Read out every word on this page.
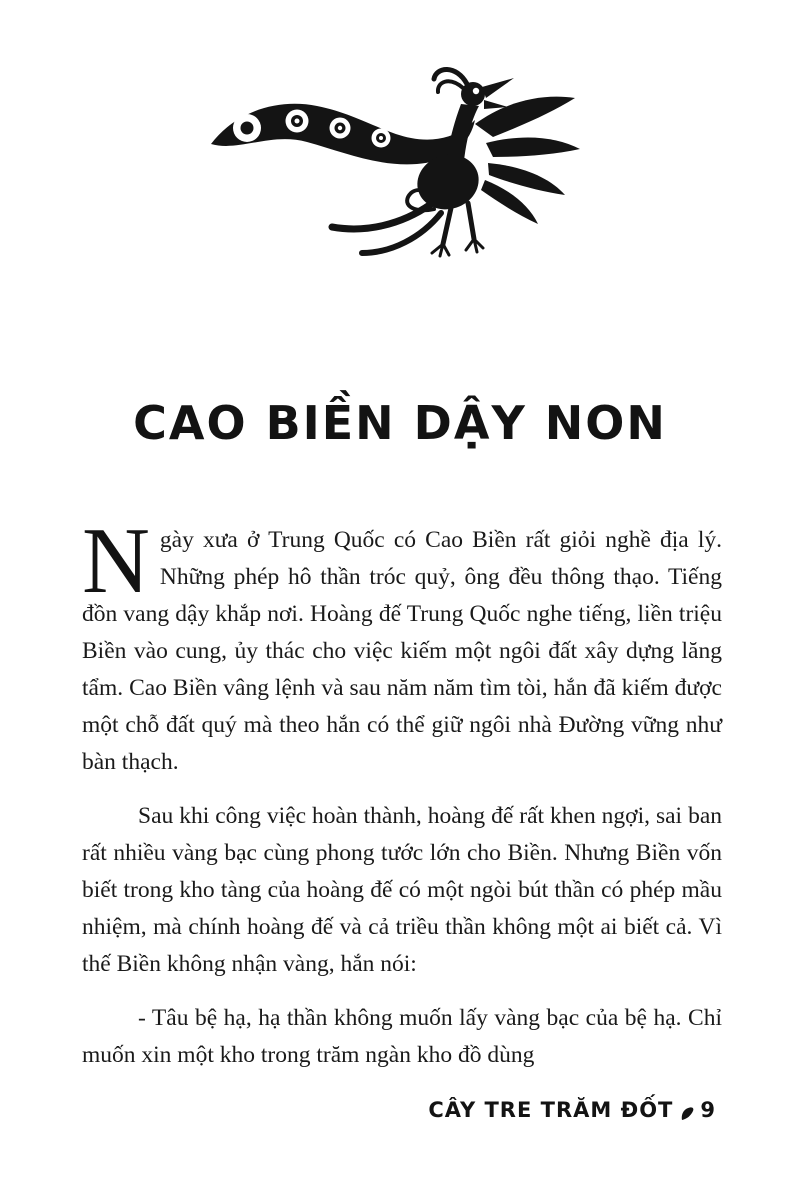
CAO BIỀN DẬY NON

Ngày xưa ở Trung Quốc có Cao Biền rất giỏi nghề địa lý. Những phép hô thần tróc quỷ, ông đều thông thạo. Tiếng đồn vang dậy khắp nơi. Hoàng đế Trung Quốc nghe tiếng, liền triệu Biền vào cung, ủy thác cho việc kiếm một ngôi đất xây dựng lăng tẩm. Cao Biền vâng lệnh và sau năm năm tìm tòi, hắn đã kiếm được một chỗ đất quý mà theo hắn có thể giữ ngôi nhà Đường vững như bàn thạch.

Sau khi công việc hoàn thành, hoàng đế rất khen ngợi, sai ban rất nhiều vàng bạc cùng phong tước lớn cho Biền. Nhưng Biền vốn biết trong kho tàng của hoàng đế có một ngòi bút thần có phép mầu nhiệm, mà chính hoàng đế và cả triều thần không một ai biết cả. Vì thế Biền không nhận vàng, hắn nói:

- Tâu bệ hạ, hạ thần không muốn lấy vàng bạc của bệ hạ. Chỉ muốn xin một kho trong trăm ngàn kho đồ dùng

CÂY TRE TRĂM ĐỐT 9
